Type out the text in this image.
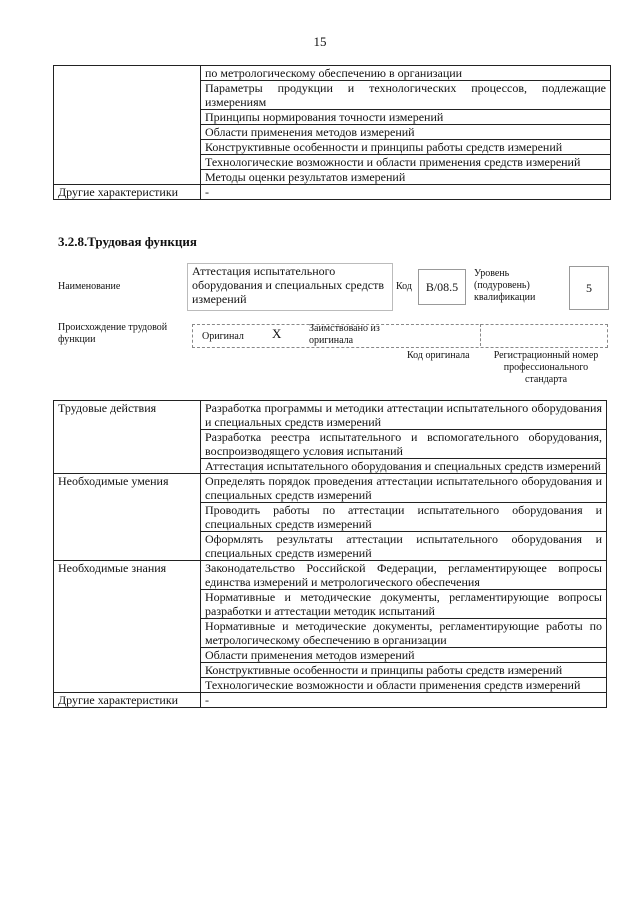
15
	по метрологическому обеспечению в организации
	Параметры продукции и технологических процессов, подлежащие измерениям
	Принципы нормирования точности измерений
	Области применения методов измерений
	Конструктивные особенности и принципы работы средств измерений
	Технологические возможности и области применения средств измерений
	Методы оценки результатов измерений
Другие характеристики	-
3.2.8.Трудовая функция
Наименование
Аттестация испытательного оборудования и специальных средств измерений
Код	B/08.5
Уровень (подуровень) квалификации
5
Происхождение трудовой функции	Оригинал X	Заимствовано из оригинала
Код оригинала	Регистрационный номер профессионального стандарта
Трудовые действия	Разработка программы и методики аттестации испытательного оборудования и специальных средств измерений
	Разработка реестра испытательного и вспомогательного оборудования, воспроизводящего условия испытаний
	Аттестация испытательного оборудования и специальных средств измерений
Необходимые умения	Определять порядок проведения аттестации испытательного оборудования и специальных средств измерений
	Проводить работы по аттестации испытательного оборудования и специальных средств измерений
	Оформлять результаты аттестации испытательного оборудования и специальных средств измерений
Необходимые знания	Законодательство Российской Федерации, регламентирующее вопросы единства измерений и метрологического обеспечения
	Нормативные и методические документы, регламентирующие вопросы разработки и аттестации методик испытаний
	Нормативные и методические документы, регламентирующие работы по метрологическому обеспечению в организации
	Области применения методов измерений
	Конструктивные особенности и принципы работы средств измерений
	Технологические возможности и области применения средств измерений
Другие характеристики	-
